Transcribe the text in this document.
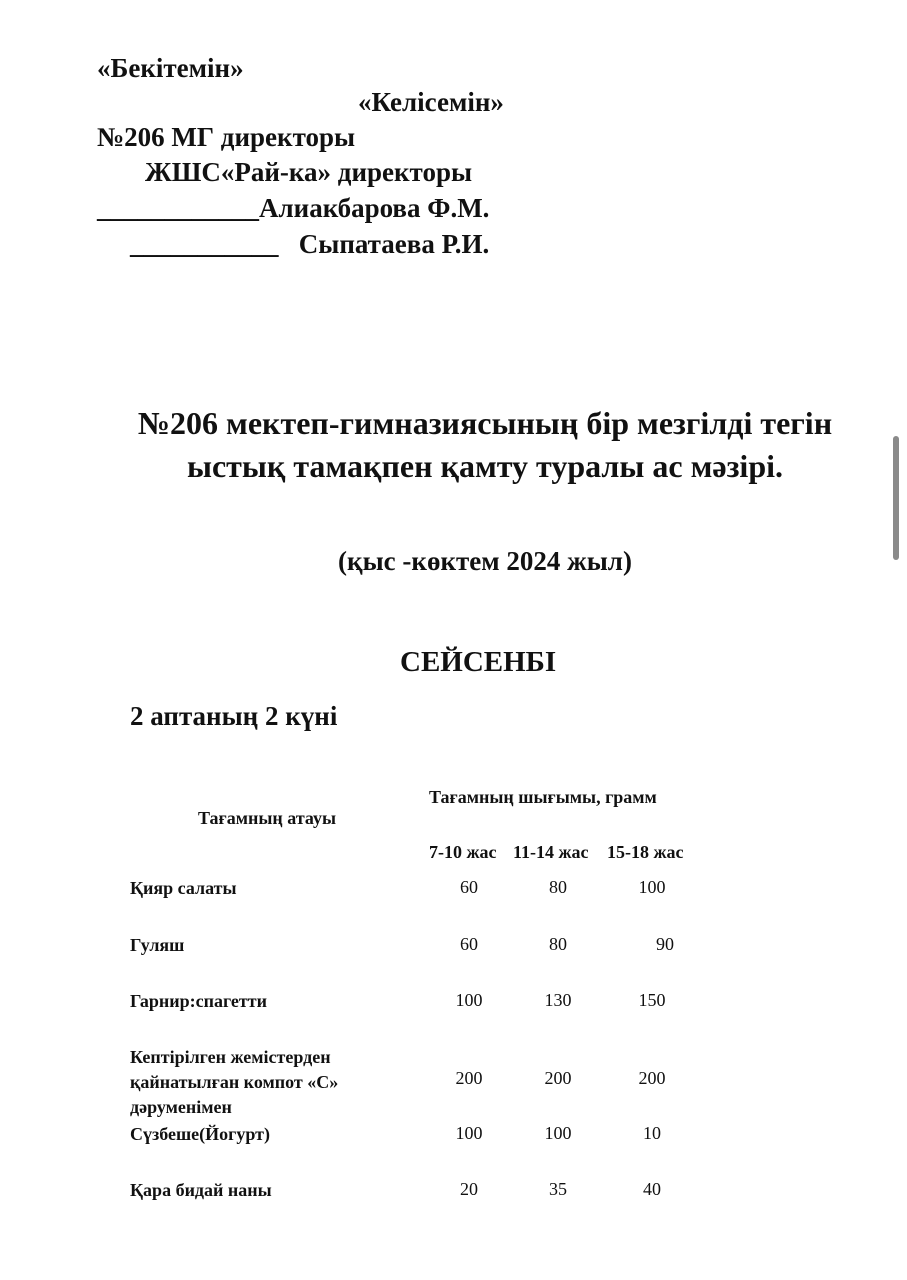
«Бекітемін»
«Келісемін»
№206 МГ директоры
ЖШС«Рай-ка» директоры
____________Алиакбарова Ф.М.
___________   Сыпатаева Р.И.
№206 мектеп-гимназиясының бір мезгілді тегін ыстық тамақпен қамту туралы ас мәзірі.
(қыс -көктем 2024 жыл)
СЕЙСЕНБІ
2 аптаның 2 күні
Тағамның атауы
Тағамның шығымы, грамм
7-10 жас 11-14 жас 15-18 жас
Қияр салаты	60	80	100
Гуляш	60	80	90
Гарнир:спагетти	100	130	150
Кептірілген жемістерден
қайнатылған компот «С»
дәруменімен
200	200	200
Сүзбеше(Йогурт)	100	100	10
Қара бидай наны	20	35	40
